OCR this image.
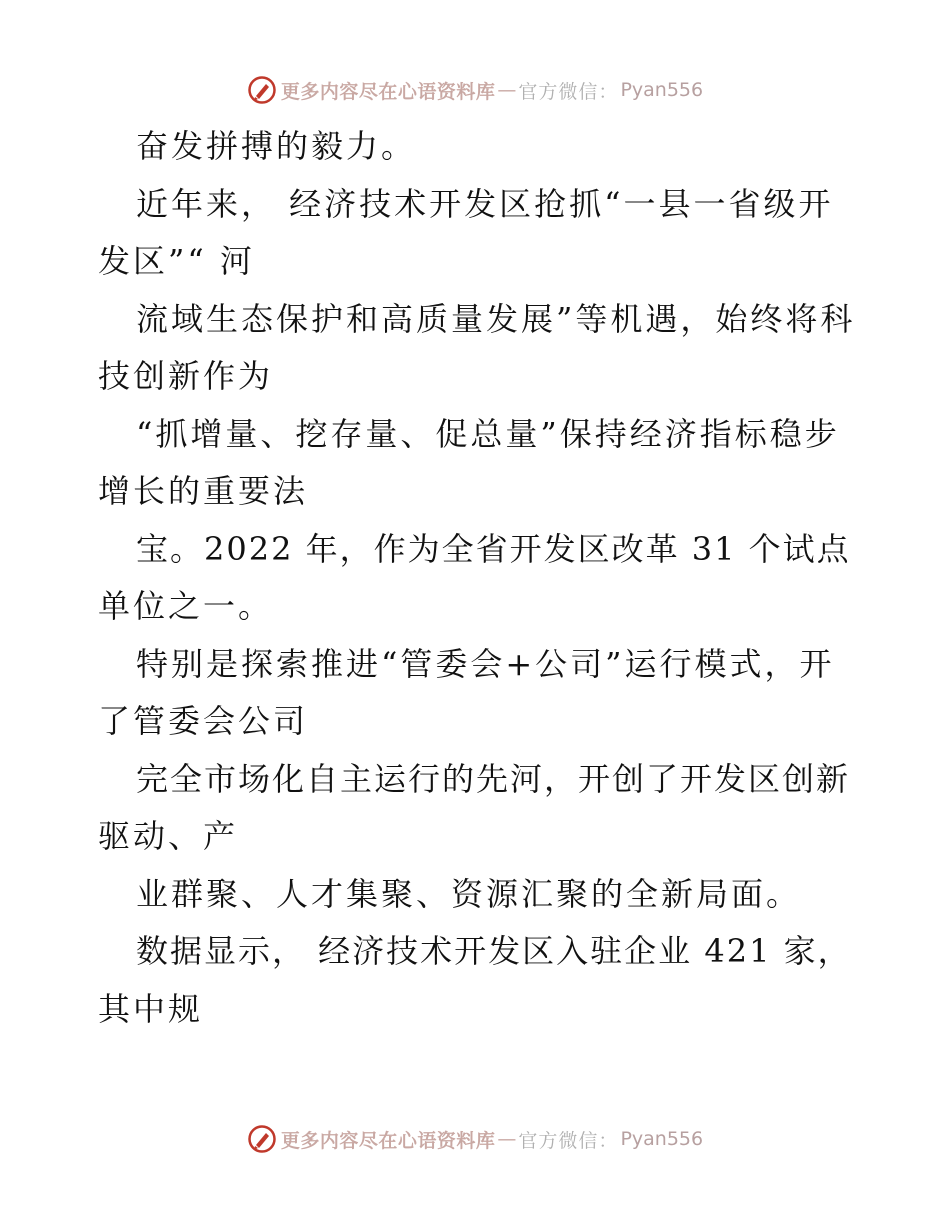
更多内容尽在心语资料库 — 官方微信： Pyan556
奋发拼搏的毅力。
近年来， 经济技术开发区抢抓“一县一省级开
发区”“ 河
流域生态保护和高质量发展”等机遇，始终将科
技创新作为
“抓增量、挖存量、促总量”保持经济指标稳步
增长的重要法
宝。2022 年，作为全省开发区改革 31 个试点
单位之一。
特别是探索推进“管委会+公司”运行模式，开
了管委会公司
完全市场化自主运行的先河，开创了开发区创新
驱动、产
业群聚、人才集聚、资源汇聚的全新局面。
数据显示， 经济技术开发区入驻企业 421 家，
其中规
更多内容尽在心语资料库 — 官方微信： Pyan556
